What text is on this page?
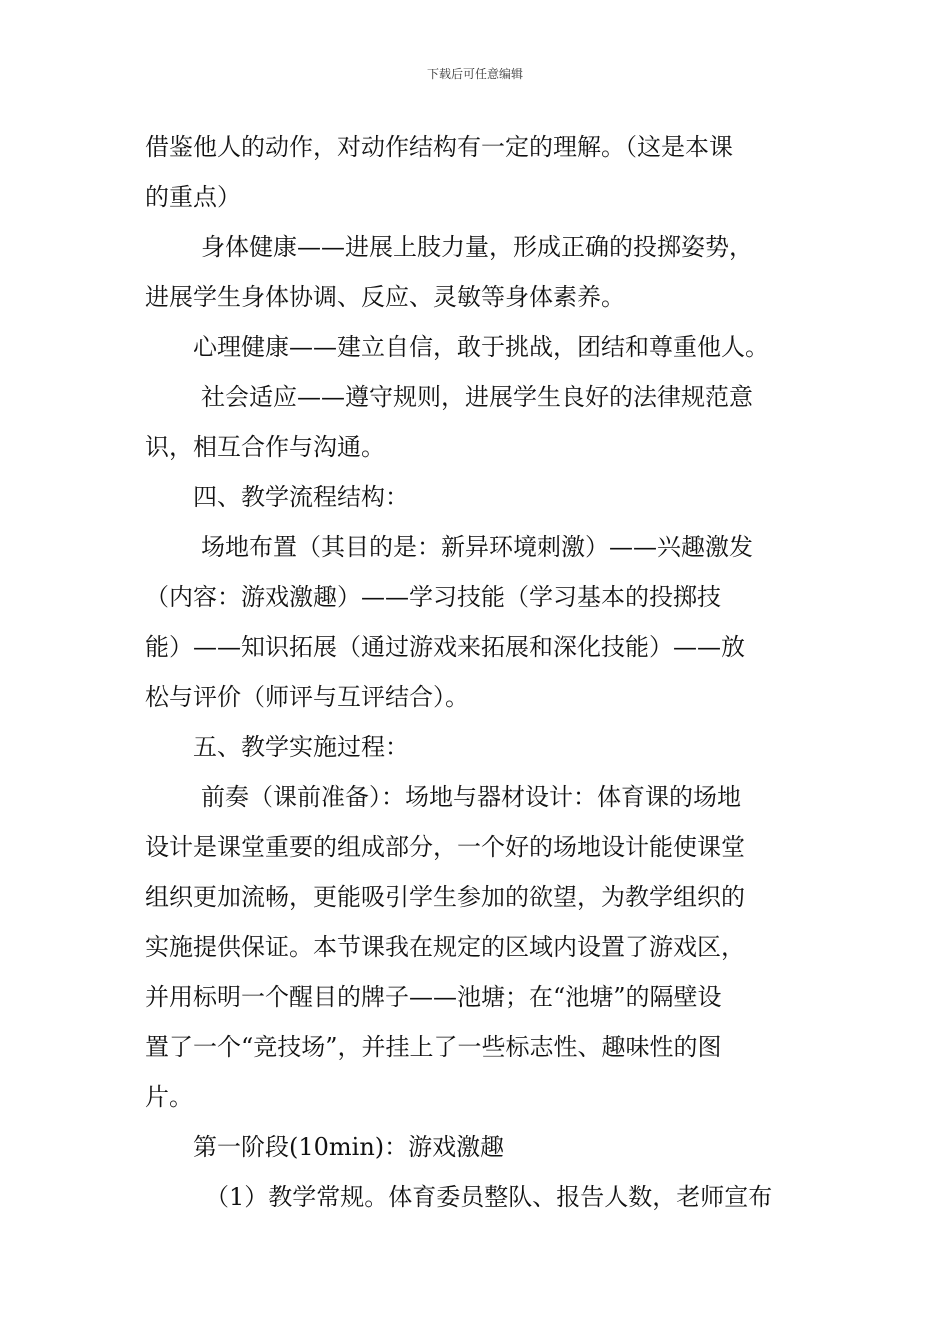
下载后可任意编辑
借鉴他人的动作，对动作结构有一定的理解。（这是本课
的重点）
身体健康——进展上肢力量，形成正确的投掷姿势，
进展学生身体协调、反应、灵敏等身体素养。
心理健康——建立自信，敢于挑战，团结和尊重他人。
社会适应——遵守规则，进展学生良好的法律规范意
识，相互合作与沟通。
四、教学流程结构：
场地布置（其目的是：新异环境刺激）——兴趣激发
（内容：游戏激趣）——学习技能（学习基本的投掷技
能）——知识拓展（通过游戏来拓展和深化技能）——放
松与评价（师评与互评结合）。
五、教学实施过程：
前奏（课前准备）：场地与器材设计：体育课的场地
设计是课堂重要的组成部分，一个好的场地设计能使课堂
组织更加流畅，更能吸引学生参加的欲望，为教学组织的
实施提供保证。本节课我在规定的区域内设置了游戏区，
并用标明一个醒目的牌子——池塘；在“池塘”的隔壁设
置了一个“竞技场”，并挂上了一些标志性、趣味性的图
片。
第一阶段(10min)：游戏激趣
（1）教学常规。体育委员整队、报告人数，老师宣布
